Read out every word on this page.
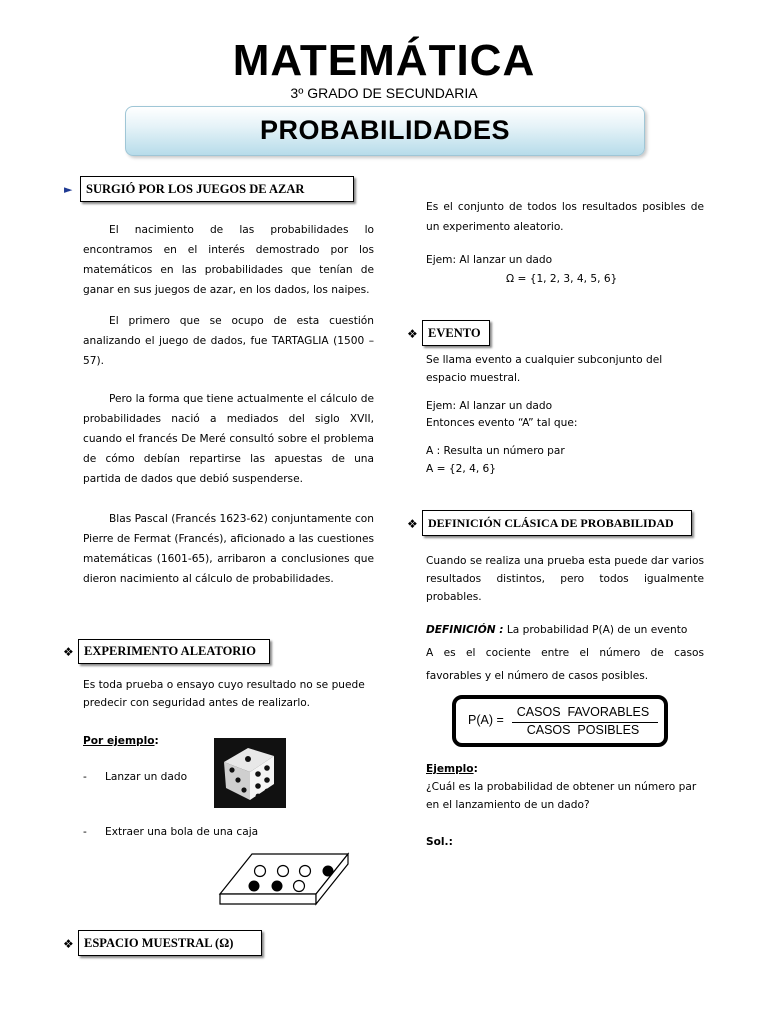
MATEMÁTICA
3º GRADO DE SECUNDARIA
PROBABILIDADES
►	SURGIÓ POR LOS JUEGOS DE AZAR
El nacimiento de las probabilidades lo encontramos en el interés demostrado por los matemáticos en las probabilidades que tenían de ganar en sus juegos de azar, en los dados, los naipes.
El primero que se ocupo de esta cuestión analizando el juego de dados, fue TARTAGLIA (1500 – 57).
Pero la forma que tiene actualmente el cálculo de probabilidades nació a mediados del siglo XVII, cuando el francés De Meré consultó sobre el problema de cómo debían repartirse las apuestas de una partida de dados que debió suspenderse.
Blas Pascal (Francés 1623-62) conjuntamente con Pierre de Fermat (Francés), aficionado a las cuestiones matemáticas (1601-65), arribaron a conclusiones que dieron nacimiento al cálculo de probabilidades.
❖ EXPERIMENTO ALEATORIO
Es toda prueba o ensayo cuyo resultado no se puede predecir con seguridad antes de realizarlo.
Por ejemplo:
- Lanzar un dado
- Extraer una bola de una caja
❖ ESPACIO MUESTRAL (Ω)
Es el conjunto de todos los resultados posibles de un experimento aleatorio.
Ejem: Al lanzar un dado
Ω = {1, 2, 3, 4, 5, 6}
❖ EVENTO
Se llama evento a cualquier subconjunto del espacio muestral.
Ejem: Al lanzar un dado
Entonces evento “A” tal que:
A : Resulta un número par
A = {2, 4, 6}
❖ DEFINICIÓN CLÁSICA DE PROBABILIDAD
Cuando se realiza una prueba esta puede dar varios resultados distintos, pero todos igualmente probables.
DEFINICIÓN : La probabilidad P(A) de un evento
A es el cociente entre el número de casos
favorables y el número de casos posibles.
P(A) =
CASOS  FAVORABLES
CASOS  POSIBLES
Ejemplo:
¿Cuál es la probabilidad de obtener un número par en el lanzamiento de un dado?
Sol.:
